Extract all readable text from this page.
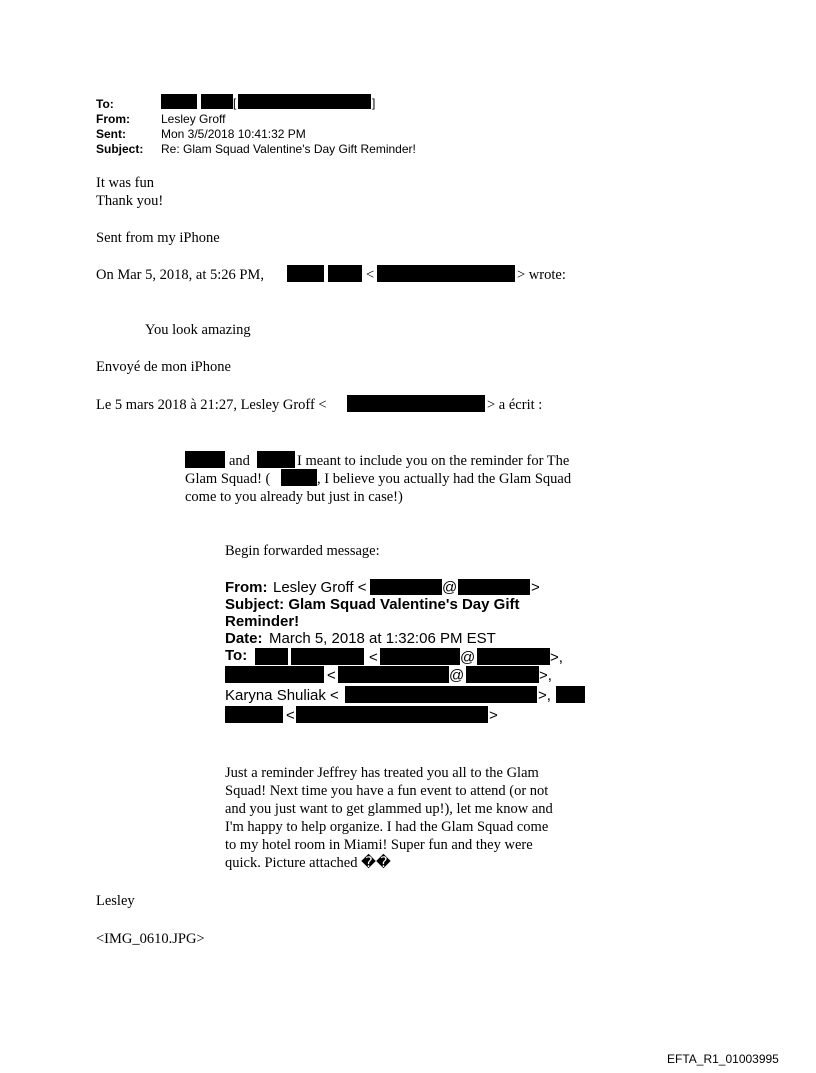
To:	[	]
From:	Lesley Groff
Sent:	Mon 3/5/2018 10:41:32 PM
Subject: Re: Glam Squad Valentine's Day Gift Reminder!
It was fun
Thank you!
Sent from my iPhone
On Mar 5, 2018, at 5:26 PM,	<	> wrote:
You look amazing
Envoyé de mon iPhone
Le 5 mars 2018 à 21:27, Lesley Groff <	> a écrit :
and	I meant to include you on the reminder for The
Glam Squad! (	, I believe you actually had the Glam Squad
come to you already but just in case!)
Begin forwarded message:
From: Lesley Groff <	@	>
Subject: Glam Squad Valentine's Day Gift
Reminder!
Date: March 5, 2018 at 1:32:06 PM EST
To:	<	@	>,
<	@	>,
Karyna Shuliak <	>,
<	>
Just a reminder Jeffrey has treated you all to the Glam
Squad! Next time you have a fun event to attend (or not
and you just want to get glammed up!), let me know and
I'm happy to help organize. I had the Glam Squad come
to my hotel room in Miami! Super fun and they were
quick. Picture attached ��
Lesley
<IMG_0610.JPG>
EFTA_R1_01003995
